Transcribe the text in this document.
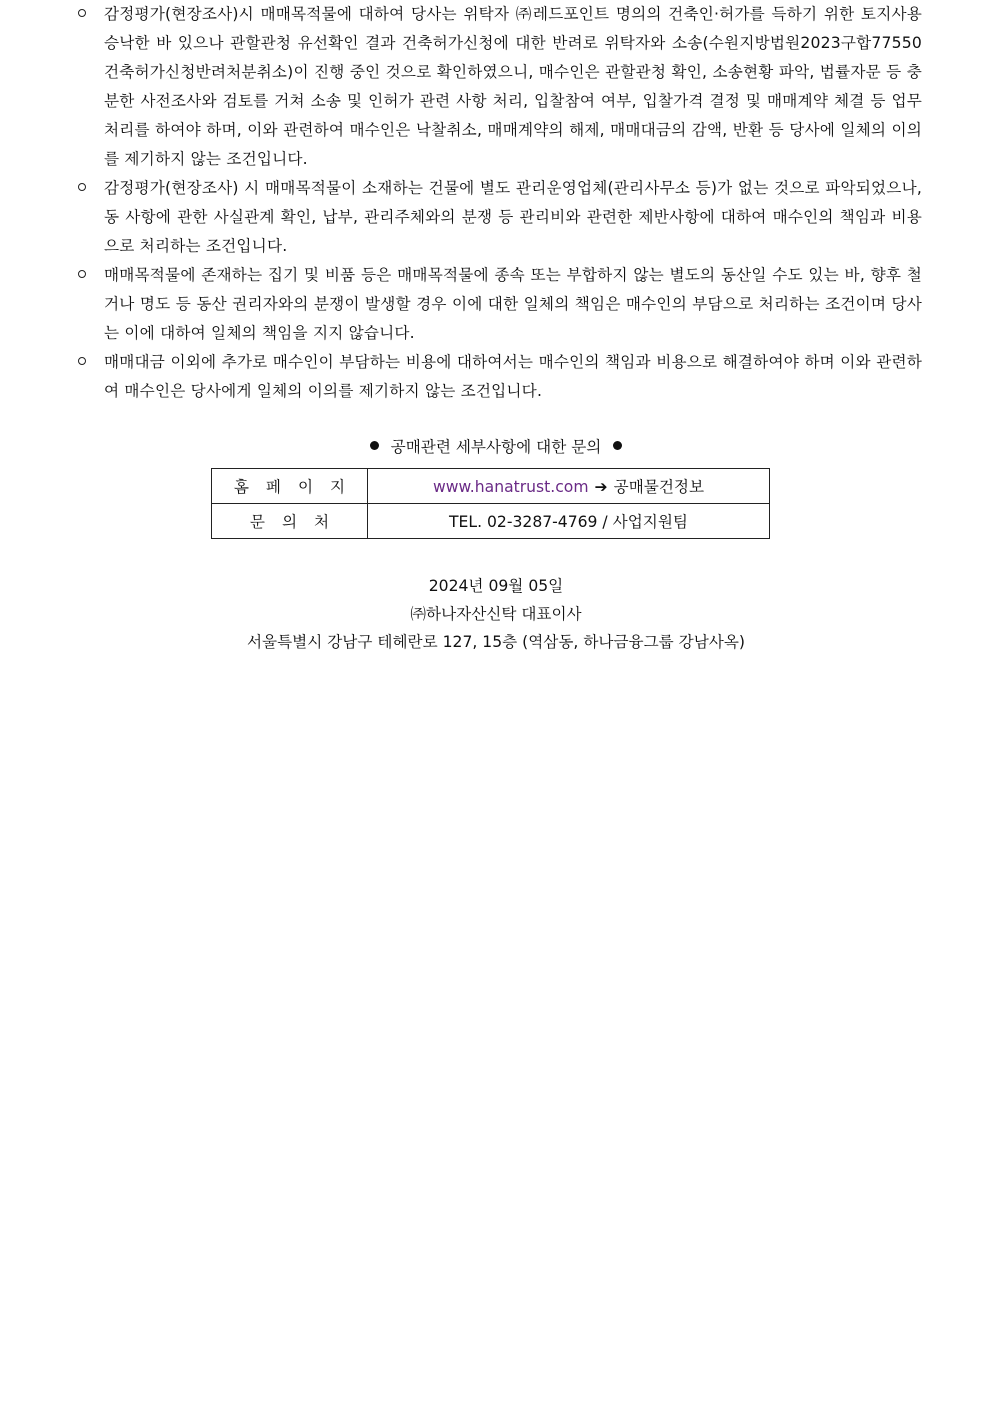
감정평가(현장조사)시 매매목적물에 대하여 당사는 위탁자 ㈜레드포인트 명의의 건축인·허가를 득하기 위한 토지사용 승낙한 바 있으나 관할관청 유선확인 결과 건축허가신청에 대한 반려로 위탁자와 소송(수원지방법원2023구합77550 건축허가신청반려처분취소)이 진행 중인 것으로 확인하였으니, 매수인은 관할관청 확인, 소송현황 파악, 법률자문 등 충분한 사전조사와 검토를 거쳐 소송 및 인허가 관련 사항 처리, 입찰참여 여부, 입찰가격 결정 및 매매계약 체결 등 업무처리를 하여야 하며, 이와 관련하여 매수인은 낙찰취소, 매매계약의 해제, 매매대금의 감액, 반환 등 당사에 일체의 이의를 제기하지 않는 조건입니다.
감정평가(현장조사) 시 매매목적물이 소재하는 건물에 별도 관리운영업체(관리사무소 등)가 없는 것으로 파악되었으나, 동 사항에 관한 사실관계 확인, 납부, 관리주체와의 분쟁 등 관리비와 관련한 제반사항에 대하여 매수인의 책임과 비용으로 처리하는 조건입니다.
매매목적물에 존재하는 집기 및 비품 등은 매매목적물에 종속 또는 부합하지 않는 별도의 동산일 수도 있는 바, 향후 철거나 명도 등 동산 권리자와의 분쟁이 발생할 경우 이에 대한 일체의 책임은 매수인의 부담으로 처리하는 조건이며 당사는 이에 대하여 일체의 책임을 지지 않습니다.
매매대금 이외에 추가로 매수인이 부담하는 비용에 대하여서는 매수인의 책임과 비용으로 해결하여야 하며 이와 관련하여 매수인은 당사에게 일체의 이의를 제기하지 않는 조건입니다.
공매관련 세부사항에 대한 문의
홈페이지	www.hanatrust.com ➔ 공매물건정보
문의처	TEL. 02-3287-4769 / 사업지원팀
2024년 09월 05일
㈜하나자산신탁 대표이사
서울특별시 강남구 테헤란로 127, 15층 (역삼동, 하나금융그룹 강남사옥)
